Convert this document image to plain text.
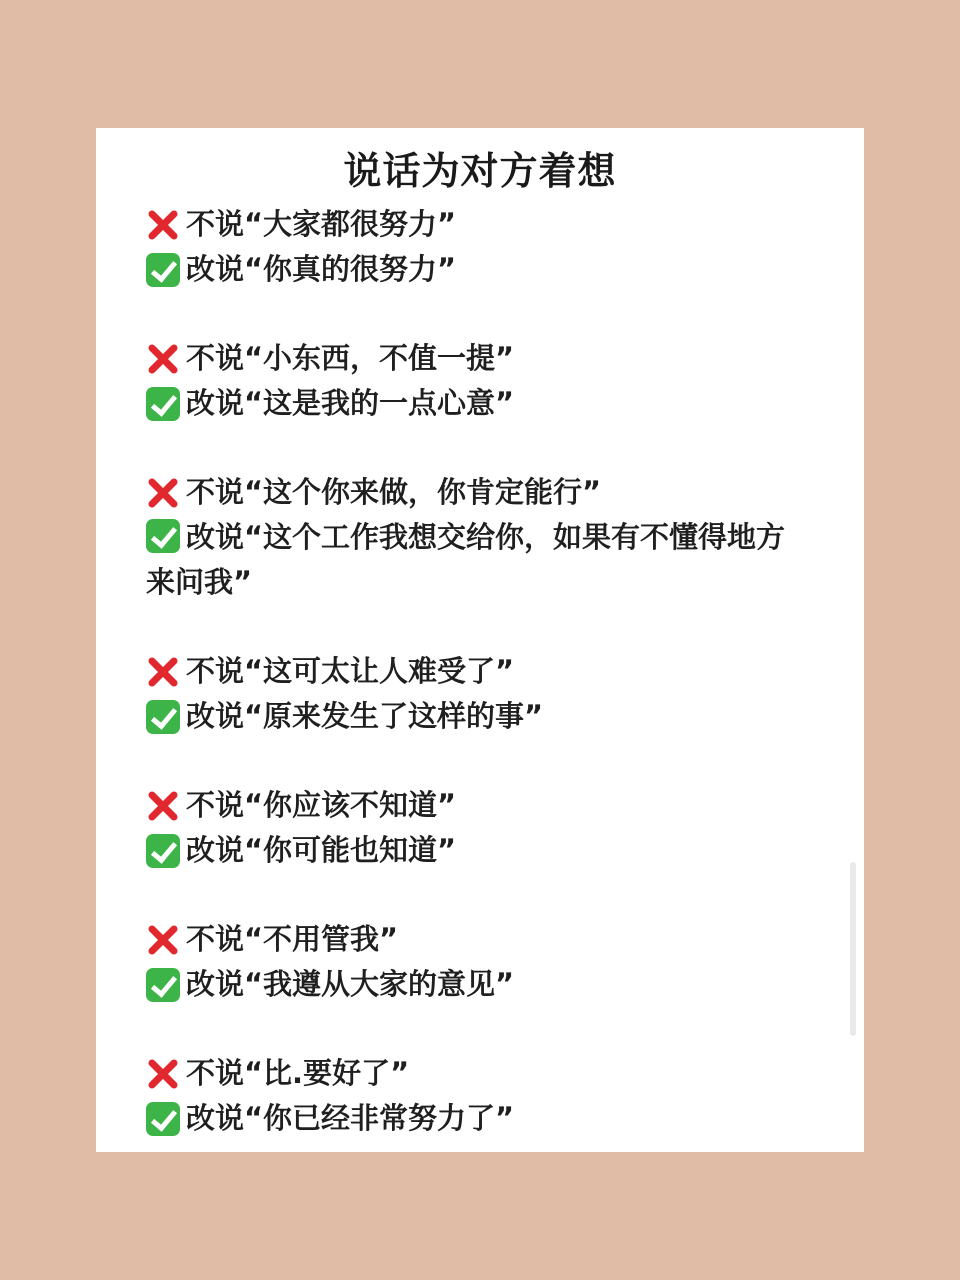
说话为对方着想
不说“大家都很努力”
改说“你真的很努力”
不说“小东西，不值一提”
改说“这是我的一点心意”
不说“这个你来做，你肯定能行”
改说“这个工作我想交给你，如果有不懂得地方来问我”
不说“这可太让人难受了”
改说“原来发生了这样的事”
不说“你应该不知道”
改说“你可能也知道”
不说“不用管我”
改说“我遵从大家的意见”
不说“比.要好了”
改说“你已经非常努力了”
